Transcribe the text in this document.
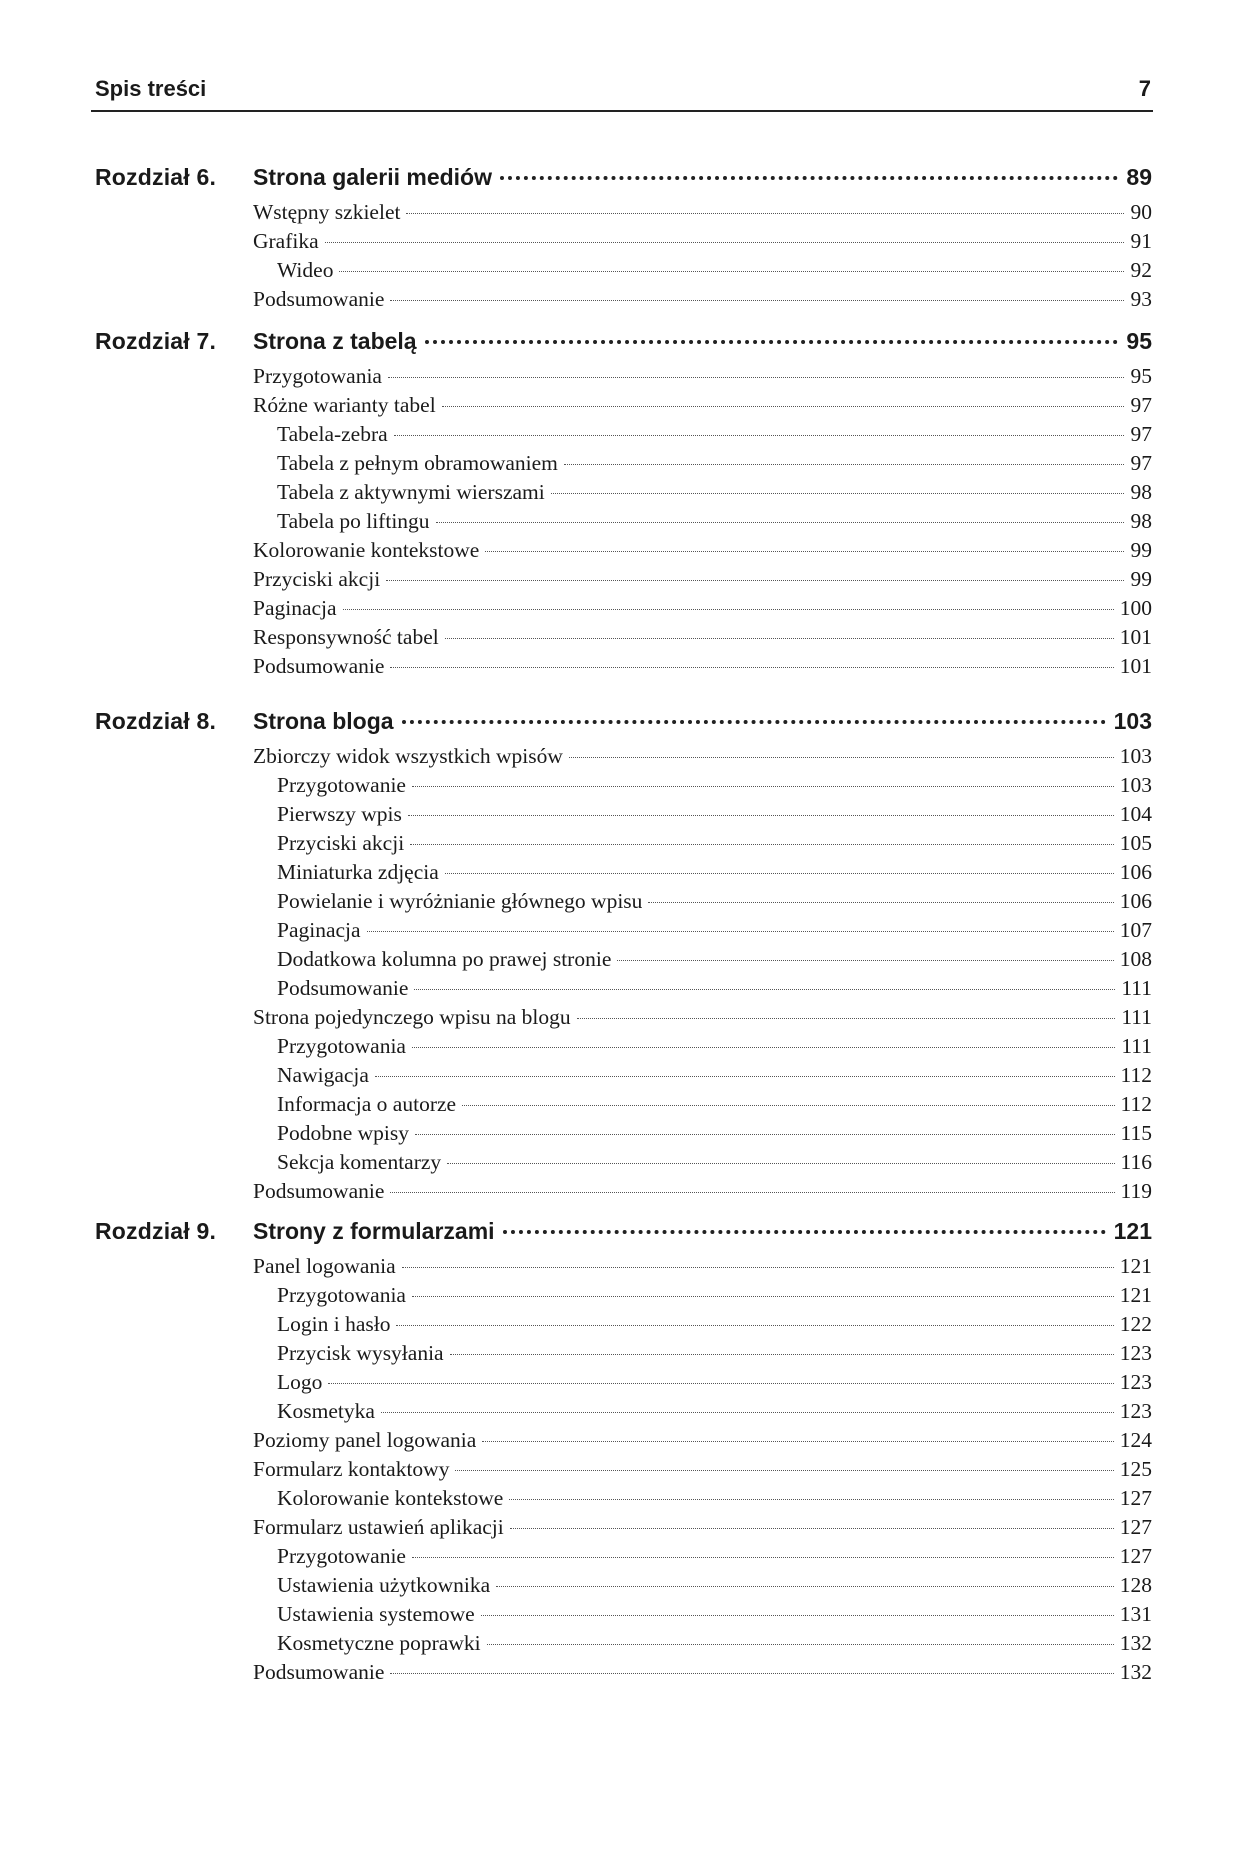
Spis treści	7
Rozdział 6. Strona galerii mediów	89
Wstępny szkielet	90
Grafika	91
Wideo	92
Podsumowanie	93
Rozdział 7. Strona z tabelą	95
Przygotowania	95
Różne warianty tabel	97
Tabela-zebra	97
Tabela z pełnym obramowaniem	97
Tabela z aktywnymi wierszami	98
Tabela po liftingu	98
Kolorowanie kontekstowe	99
Przyciski akcji	99
Paginacja	100
Responsywność tabel	101
Podsumowanie	101
Rozdział 8. Strona bloga	103
Zbiorczy widok wszystkich wpisów	103
Przygotowanie	103
Pierwszy wpis	104
Przyciski akcji	105
Miniaturka zdjęcia	106
Powielanie i wyróżnianie głównego wpisu	106
Paginacja	107
Dodatkowa kolumna po prawej stronie	108
Podsumowanie	111
Strona pojedynczego wpisu na blogu	111
Przygotowania	111
Nawigacja	112
Informacja o autorze	112
Podobne wpisy	115
Sekcja komentarzy	116
Podsumowanie	119
Rozdział 9. Strony z formularzami	121
Panel logowania	121
Przygotowania	121
Login i hasło	122
Przycisk wysyłania	123
Logo	123
Kosmetyka	123
Poziomy panel logowania	124
Formularz kontaktowy	125
Kolorowanie kontekstowe	127
Formularz ustawień aplikacji	127
Przygotowanie	127
Ustawienia użytkownika	128
Ustawienia systemowe	131
Kosmetyczne poprawki	132
Podsumowanie	132
